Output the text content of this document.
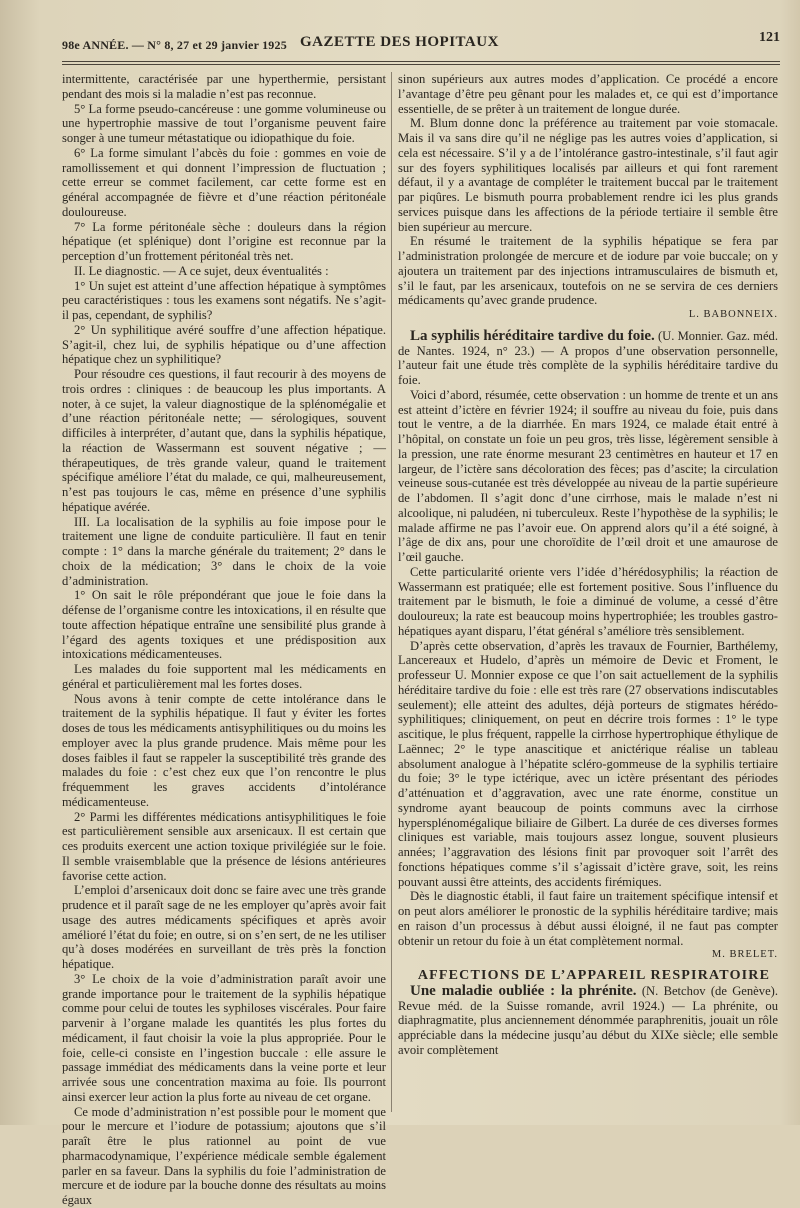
98e ANNÉE. — N° 8, 27 et 29 janvier 1925 GAZETTE DES HOPITAUX	121

intermittente, caractérisée par une hyperthermie, persistant pendant des mois si la maladie n’est pas reconnue.

5° La forme pseudo-cancéreuse : une gomme volumineuse ou une hypertrophie massive de tout l’organisme peuvent faire songer à une tumeur métastatique ou idiopathique du foie.

6° La forme simulant l’abcès du foie : gommes en voie de ramollissement et qui donnent l’impression de fluctuation ; cette erreur se commet facilement, car cette forme est en général accompagnée de fièvre et d’une réaction péritonéale douloureuse.

7° La forme péritonéale sèche : douleurs dans la région hépatique (et splénique) dont l’origine est reconnue par la perception d’un frottement péritonéal très net.

II. Le diagnostic. — A ce sujet, deux éventualités :

1° Un sujet est atteint d’une affection hépatique à symptômes peu caractéristiques : tous les examens sont négatifs. Ne s’agit-il pas, cependant, de syphilis?

2° Un syphilitique avéré souffre d’une affection hépatique. S’agit-il, chez lui, de syphilis hépatique ou d’une affection hépatique chez un syphilitique?

Pour résoudre ces questions, il faut recourir à des moyens de trois ordres : cliniques : de beaucoup les plus importants. A noter, à ce sujet, la valeur diagnostique de la splénomégalie et d’une réaction péritonéale nette; — sérologiques, souvent difficiles à interpréter, d’autant que, dans la syphilis hépatique, la réaction de Wassermann est souvent négative ; — thérapeutiques, de très grande valeur, quand le traitement spécifique améliore l’état du malade, ce qui, malheureusement, n’est pas toujours le cas, même en présence d’une syphilis hépatique avérée.

III. La localisation de la syphilis au foie impose pour le traitement une ligne de conduite particulière. Il faut en tenir compte : 1° dans la marche générale du traitement; 2° dans le choix de la médication; 3° dans le choix de la voie d’administration.

1° On sait le rôle prépondérant que joue le foie dans la défense de l’organisme contre les intoxications, il en résulte que toute affection hépatique entraîne une sensibilité plus grande à l’égard des agents toxiques et une prédisposition aux intoxications médicamenteuses.

Les malades du foie supportent mal les médicaments en général et particulièrement mal les fortes doses.

Nous avons à tenir compte de cette intolérance dans le traitement de la syphilis hépatique. Il faut y éviter les fortes doses de tous les médicaments antisyphilitiques ou du moins les employer avec la plus grande prudence. Mais même pour les doses faibles il faut se rappeler la susceptibilité très grande des malades du foie : c’est chez eux que l’on rencontre le plus fréquemment les graves accidents d’intolérance médicamenteuse.

2° Parmi les différentes médications antisyphilitiques le foie est particulièrement sensible aux arsenicaux. Il est certain que ces produits exercent une action toxique privilégiée sur le foie. Il semble vraisemblable que la présence de lésions antérieures favorise cette action.

L’emploi d’arsenicaux doit donc se faire avec une très grande prudence et il paraît sage de ne les employer qu’après avoir fait usage des autres médicaments spécifiques et après avoir amélioré l’état du foie; en outre, si on s’en sert, de ne les utiliser qu’à doses modérées en surveillant de très près la fonction hépatique.

3° Le choix de la voie d’administration paraît avoir une grande importance pour le traitement de la syphilis hépatique comme pour celui de toutes les syphiloses viscérales. Pour faire parvenir à l’organe malade les quantités les plus fortes du médicament, il faut choisir la voie la plus appropriée. Pour le foie, celle-ci consiste en l’ingestion buccale : elle assure le passage immédiat des médicaments dans la veine porte et leur arrivée sous une concentration maxima au foie. Ils pourront ainsi exercer leur action la plus forte au niveau de cet organe.

Ce mode d’administration n’est possible pour le moment que pour le mercure et l’iodure de potassium; ajoutons que s’il paraît être le plus rationnel au point de vue pharmacodynamique, l’expérience médicale semble également parler en sa faveur. Dans la syphilis du foie l’administration de mercure et de iodure par la bouche donne des résultats au moins égaux

sinon supérieurs aux autres modes d’application. Ce procédé a encore l’avantage d’être peu gênant pour les malades et, ce qui est d’importance essentielle, de se prêter à un traitement de longue durée.

M. Blum donne donc la préférence au traitement par voie stomacale. Mais il va sans dire qu’il ne néglige pas les autres voies d’application, si cela est nécessaire. S’il y a de l’intolérance gastro-intestinale, s’il faut agir sur des foyers syphilitiques localisés par ailleurs et qui font rarement défaut, il y a avantage de compléter le traitement buccal par le traitement par piqûres. Le bismuth pourra probablement rendre ici les plus grands services puisque dans les affections de la période tertiaire il semble être bien supérieur au mercure.

En résumé le traitement de la syphilis hépatique se fera par l’administration prolongée de mercure et de iodure par voie buccale; on y ajoutera un traitement par des injections intramusculaires de bismuth et, s’il le faut, par les arsenicaux, toutefois on ne se servira de ces derniers médicaments qu’avec grande prudence.

L. BABONNEIX.

La syphilis héréditaire tardive du foie. (U. Monnier. Gaz. méd. de Nantes. 1924, n° 23.) — A propos d’une observation personnelle, l’auteur fait une étude très complète de la syphilis héréditaire tardive du foie.

Voici d’abord, résumée, cette observation : un homme de trente et un ans est atteint d’ictère en février 1924; il souffre au niveau du foie, puis dans tout le ventre, a de la diarrhée. En mars 1924, ce malade était entré à l’hôpital, on constate un foie un peu gros, très lisse, légèrement sensible à la pression, une rate énorme mesurant 23 centimètres en hauteur et 17 en largeur, de l’ictère sans décoloration des fèces; pas d’ascite; la circulation veineuse sous-cutanée est très développée au niveau de la partie supérieure de l’abdomen. Il s’agit donc d’une cirrhose, mais le malade n’est ni alcoolique, ni paludéen, ni tuberculeux. Reste l’hypothèse de la syphilis; le malade affirme ne pas l’avoir eue. On apprend alors qu’il a été soigné, à l’âge de dix ans, pour une choroïdite de l’œil droit et une amaurose de l’œil gauche.

Cette particularité oriente vers l’idée d’hérédosyphilis; la réaction de Wassermann est pratiquée; elle est fortement positive. Sous l’influence du traitement par le bismuth, le foie a diminué de volume, a cessé d’être douloureux; la rate est beaucoup moins hypertrophiée; les troubles gastro-hépatiques ayant disparu, l’état général s’améliore très sensiblement.

D’après cette observation, d’après les travaux de Fournier, Barthélemy, Lancereaux et Hudelo, d’après un mémoire de Devic et Froment, le professeur U. Monnier expose ce que l’on sait actuellement de la syphilis héréditaire tardive du foie : elle est très rare (27 observations indiscutables seulement); elle atteint des adultes, déjà porteurs de stigmates hérédo-syphilitiques; cliniquement, on peut en décrire trois formes : 1° le type ascitique, le plus fréquent, rappelle la cirrhose hypertrophique éthylique de Laënnec; 2° le type anascitique et anictérique réalise un tableau absolument analogue à l’hépatite scléro-gommeuse de la syphilis tertiaire du foie; 3° le type ictérique, avec un ictère présentant des périodes d’atténuation et d’aggravation, avec une rate énorme, constitue un syndrome ayant beaucoup de points communs avec la cirrhose hypersplénomégalique biliaire de Gilbert. La durée de ces diverses formes cliniques est variable, mais toujours assez longue, souvent plusieurs années; l’aggravation des lésions finit par provoquer soit l’arrêt des fonctions hépatiques comme s’il s’agissait d’ictère grave, soit, les reins pouvant aussi être atteints, des accidents firémiques.

Dès le diagnostic établi, il faut faire un traitement spécifique intensif et on peut alors améliorer le pronostic de la syphilis héréditaire tardive; mais en raison d’un processus à début aussi éloigné, il ne faut pas compter obtenir un retour du foie à un état complètement normal.

M. BRELET.

AFFECTIONS DE L’APPAREIL RESPIRATOIRE

Une maladie oubliée : la phrénite. (N. Betchov (de Genève). Revue méd. de la Suisse romande, avril 1924.) — La phrénite, ou diaphragmatite, plus anciennement dénommée paraphrenitis, jouait un rôle appréciable dans la médecine jusqu’au début du XIXe siècle; elle semble avoir complètement
